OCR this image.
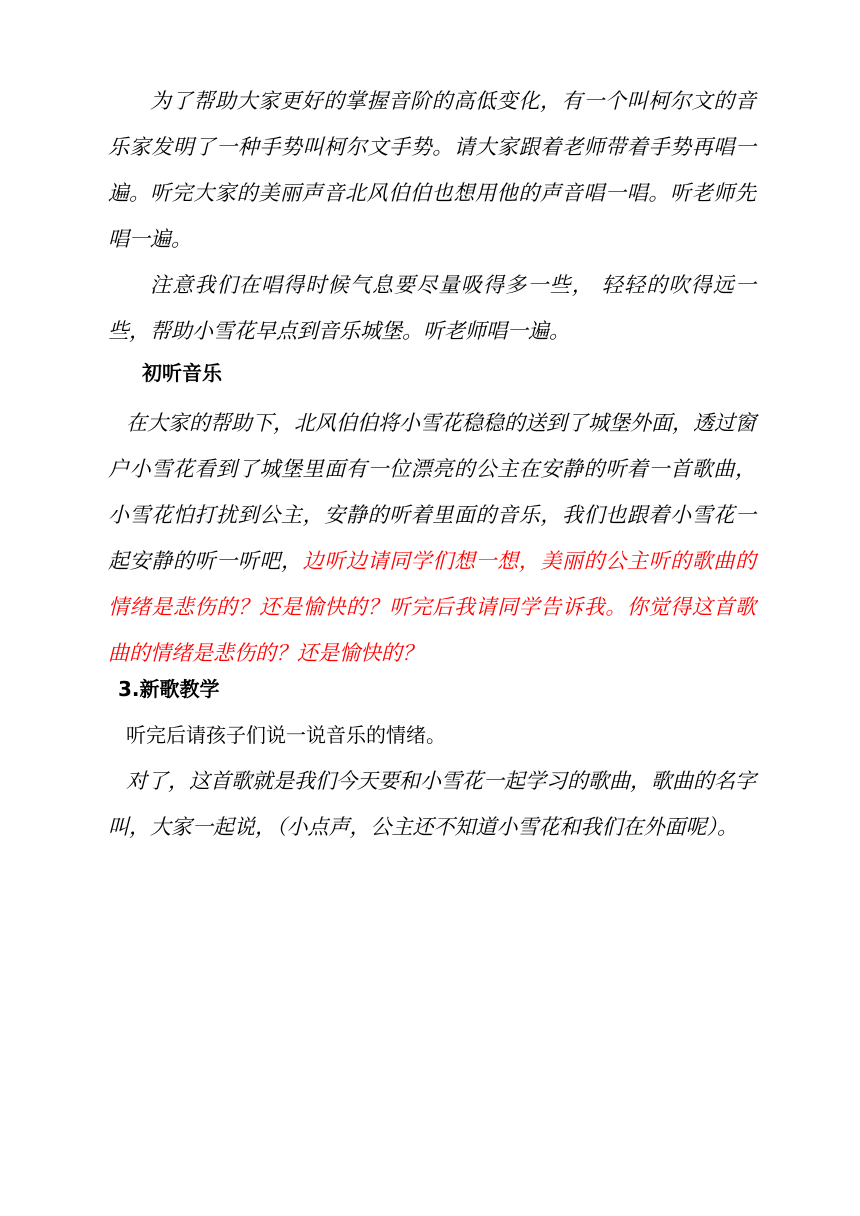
为了帮助大家更好的掌握音阶的高低变化，有一个叫柯尔文的音乐家发明了一种手势叫柯尔文手势。请大家跟着老师带着手势再唱一遍。 听完大家的美丽声音北风伯伯也想用他的声音唱一唱。听老师先唱一遍。

注意我们在唱得时候气息要尽量吸得多一些， 轻轻的吹得远一些，帮助小雪花早点到音乐城堡。听老师唱一遍。

初听音乐

在大家的帮助下，北风伯伯将小雪花稳稳的送到了城堡外面，透过窗户小雪花看到了城堡里面有一位漂亮的公主在安静的听着一首歌曲，小雪花怕打扰到公主，安静的听着里面的音乐，我们也跟着小雪花一起安静的听一听吧，边听边请同学们想一想，美丽的公主听的歌曲的情绪是悲伤的？还是愉快的？听完后我请同学告诉我。你觉得这首歌曲的情绪是悲伤的？还是愉快的？

3.新歌教学

听完后请孩子们说一说音乐的情绪。

对了，这首歌就是我们今天要和小雪花一起学习的歌曲，歌曲的名字叫，大家一起说，（小点声，公主还不知道小雪花和我们在外面呢）。
